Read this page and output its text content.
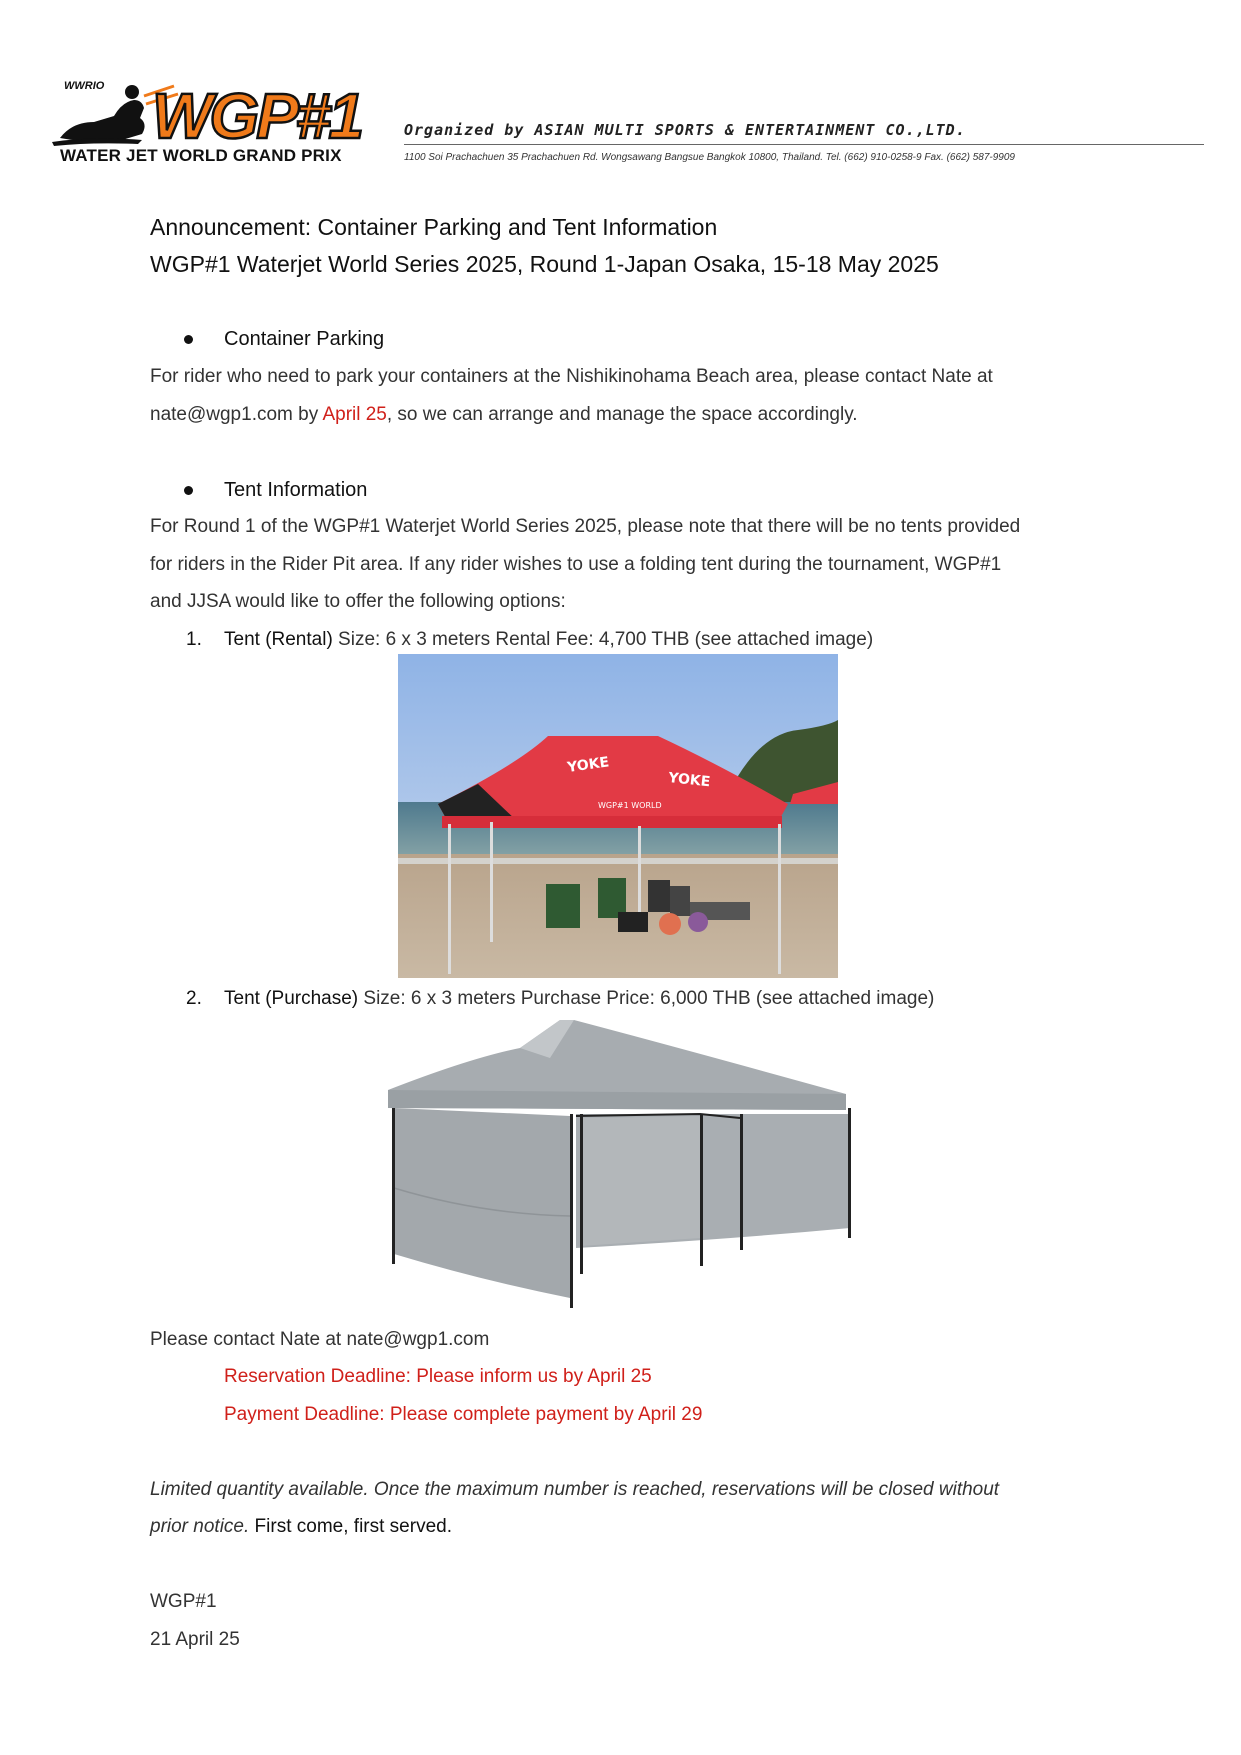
WGP#1
WWRIO
WATER JET WORLD GRAND PRIX
Organized by ASIAN MULTI SPORTS & ENTERTAINMENT CO.,LTD.
1100 Soi Prachachuen 35 Prachachuen Rd. Wongsawang Bangsue Bangkok 10800, Thailand. Tel. (662) 910-0258-9 Fax. (662) 587-9909
Announcement: Container Parking and Tent Information
WGP#1 Waterjet World Series 2025, Round 1-Japan Osaka, 15-18 May 2025
Container Parking
For rider who need to park your containers at the Nishikinohama Beach area, please contact Nate at
nate@wgp1.com by April 25, so we can arrange and manage the space accordingly.
Tent Information
For Round 1 of the WGP#1 Waterjet World Series 2025, please note that there will be no tents provided
for riders in the Rider Pit area. If any rider wishes to use a folding tent during the tournament, WGP#1
and JJSA would like to offer the following options:
1. Tent (Rental) Size: 6 x 3 meters Rental Fee: 4,700 THB (see attached image)
YOKE
YOKE
WGP#1 WORLD
2. Tent (Purchase) Size: 6 x 3 meters Purchase Price: 6,000 THB (see attached image)
Please contact Nate at nate@wgp1.com
Reservation Deadline: Please inform us by April 25
Payment Deadline: Please complete payment by April 29
Limited quantity available. Once the maximum number is reached, reservations will be closed without
prior notice. First come, first served.
WGP#1
21 April 25
